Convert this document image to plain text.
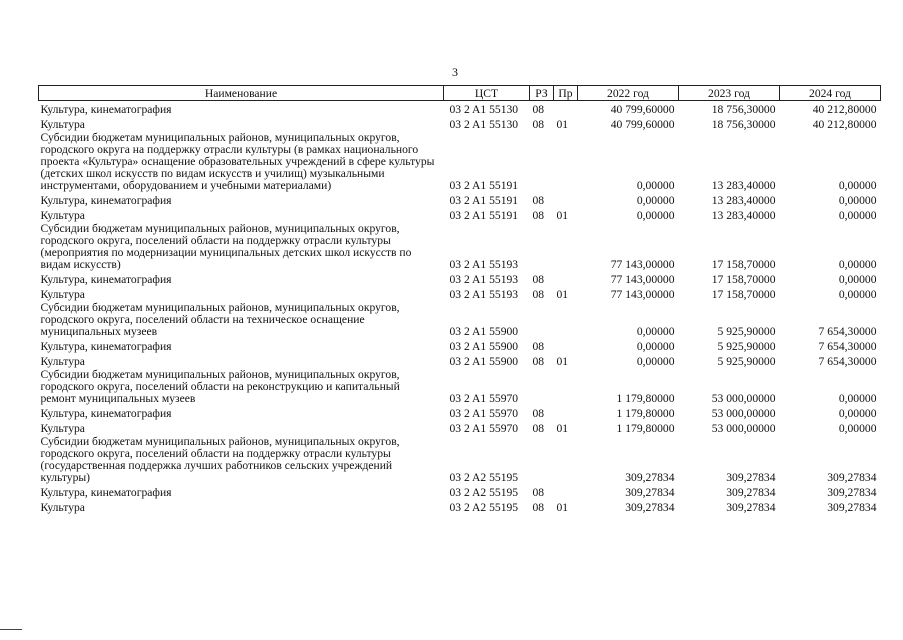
3
Наименование	ЦСТ	РЗ	Пр	2022 год	2023 год	2024 год
Культура, кинематография	03 2 A1 55130	08		40 799,60000	18 756,30000	40 212,80000
Культура	03 2 A1 55130	08	01	40 799,60000	18 756,30000	40 212,80000
Субсидии бюджетам муниципальных районов, муниципальных округов, городского округа на поддержку отрасли культуры (в рамках национального проекта «Культура» оснащение образовательных учреждений в сфере культуры (детских школ искусств по видам искусств и училищ) музыкальными инструментами, оборудованием и учебными материалами)	03 2 A1 55191			0,00000	13 283,40000	0,00000
Культура, кинематография	03 2 A1 55191	08		0,00000	13 283,40000	0,00000
Культура	03 2 A1 55191	08	01	0,00000	13 283,40000	0,00000
Субсидии бюджетам муниципальных районов, муниципальных округов, городского округа, поселений области на поддержку отрасли культуры (мероприятия по модернизации муниципальных детских школ искусств по видам искусств)	03 2 A1 55193			77 143,00000	17 158,70000	0,00000
Культура, кинематография	03 2 A1 55193	08		77 143,00000	17 158,70000	0,00000
Культура	03 2 A1 55193	08	01	77 143,00000	17 158,70000	0,00000
Субсидии бюджетам муниципальных районов, муниципальных округов, городского округа, поселений области на техническое оснащение муниципальных музеев	03 2 A1 55900			0,00000	5 925,90000	7 654,30000
Культура, кинематография	03 2 A1 55900	08		0,00000	5 925,90000	7 654,30000
Культура	03 2 A1 55900	08	01	0,00000	5 925,90000	7 654,30000
Субсидии бюджетам муниципальных районов, муниципальных округов, городского округа, поселений области на реконструкцию и капитальный ремонт муниципальных музеев	03 2 A1 55970			1 179,80000	53 000,00000	0,00000
Культура, кинематография	03 2 A1 55970	08		1 179,80000	53 000,00000	0,00000
Культура	03 2 A1 55970	08	01	1 179,80000	53 000,00000	0,00000
Субсидии бюджетам муниципальных районов, муниципальных округов, городского округа, поселений области на поддержку отрасли культуры (государственная поддержка лучших работников сельских учреждений культуры)	03 2 A2 55195			309,27834	309,27834	309,27834
Культура, кинематография	03 2 A2 55195	08		309,27834	309,27834	309,27834
Культура	03 2 A2 55195	08	01	309,27834	309,27834	309,27834
